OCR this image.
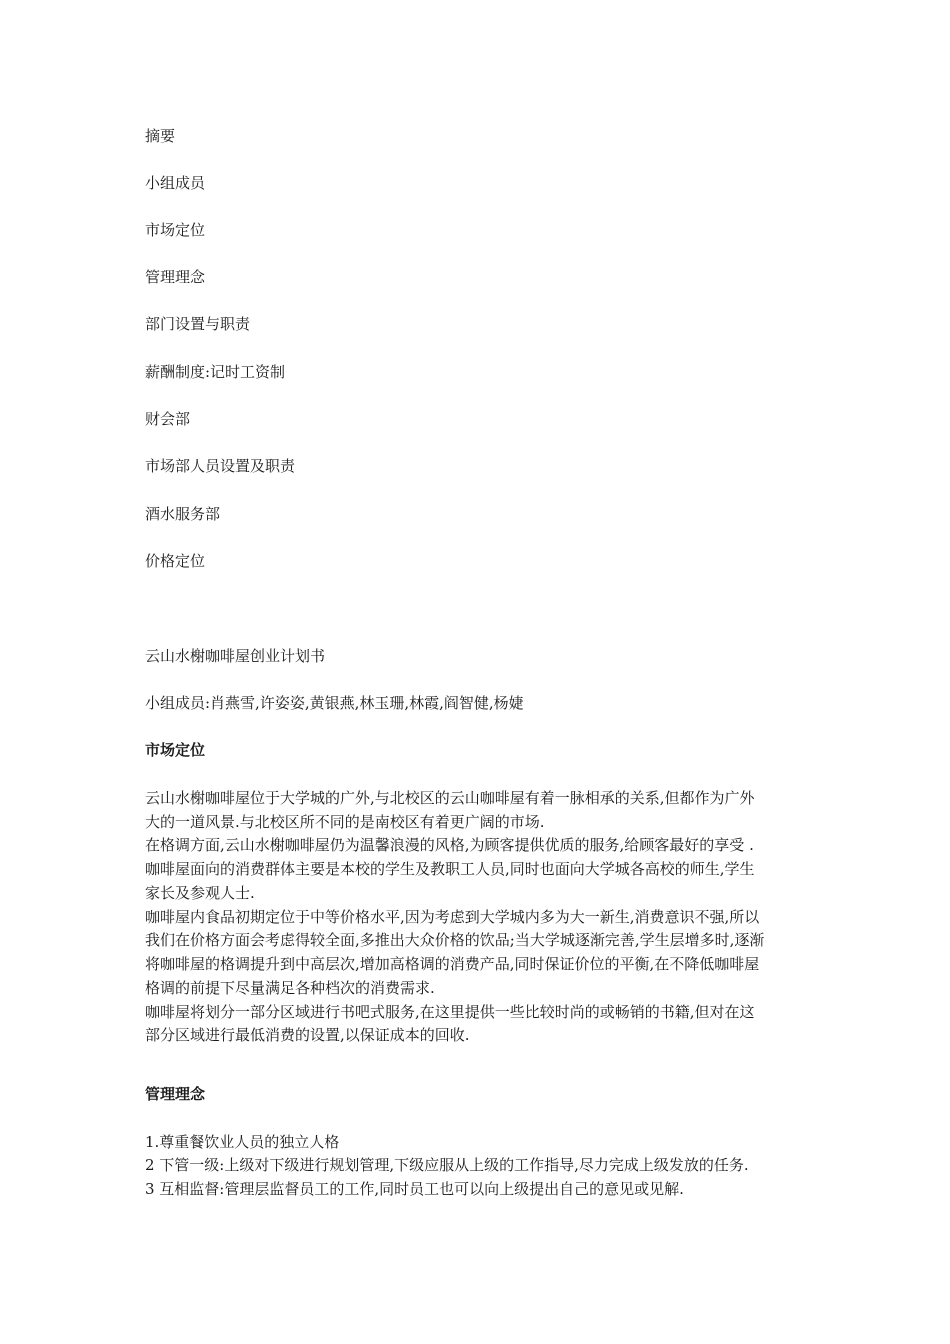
摘要
小组成员
市场定位
管理理念
部门设置与职责
薪酬制度:记时工资制
财会部
市场部人员设置及职责
酒水服务部
价格定位
云山水榭咖啡屋创业计划书
小组成员:肖燕雪,许姿姿,黄银燕,林玉珊,林霞,阎智健,杨婕
市场定位
云山水榭咖啡屋位于大学城的广外,与北校区的云山咖啡屋有着一脉相承的关系,但都作为广外
大的一道风景.与北校区所不同的是南校区有着更广阔的市场.
在格调方面,云山水榭咖啡屋仍为温馨浪漫的风格,为顾客提供优质的服务,给顾客最好的享受 .
咖啡屋面向的消费群体主要是本校的学生及教职工人员,同时也面向大学城各高校的师生,学生
家长及参观人士.
咖啡屋内食品初期定位于中等价格水平,因为考虑到大学城内多为大一新生,消费意识不强,所以
我们在价格方面会考虑得较全面,多推出大众价格的饮品;当大学城逐渐完善,学生层增多时,逐渐
将咖啡屋的格调提升到中高层次,增加高格调的消费产品,同时保证价位的平衡,在不降低咖啡屋
格调的前提下尽量满足各种档次的消费需求.
咖啡屋将划分一部分区域进行书吧式服务,在这里提供一些比较时尚的或畅销的书籍,但对在这
部分区域进行最低消费的设置,以保证成本的回收.
管理理念
1.尊重餐饮业人员的独立人格
2 下管一级:上级对下级进行规划管理,下级应服从上级的工作指导,尽力完成上级发放的任务.
3 互相监督:管理层监督员工的工作,同时员工也可以向上级提出自己的意见或见解.
